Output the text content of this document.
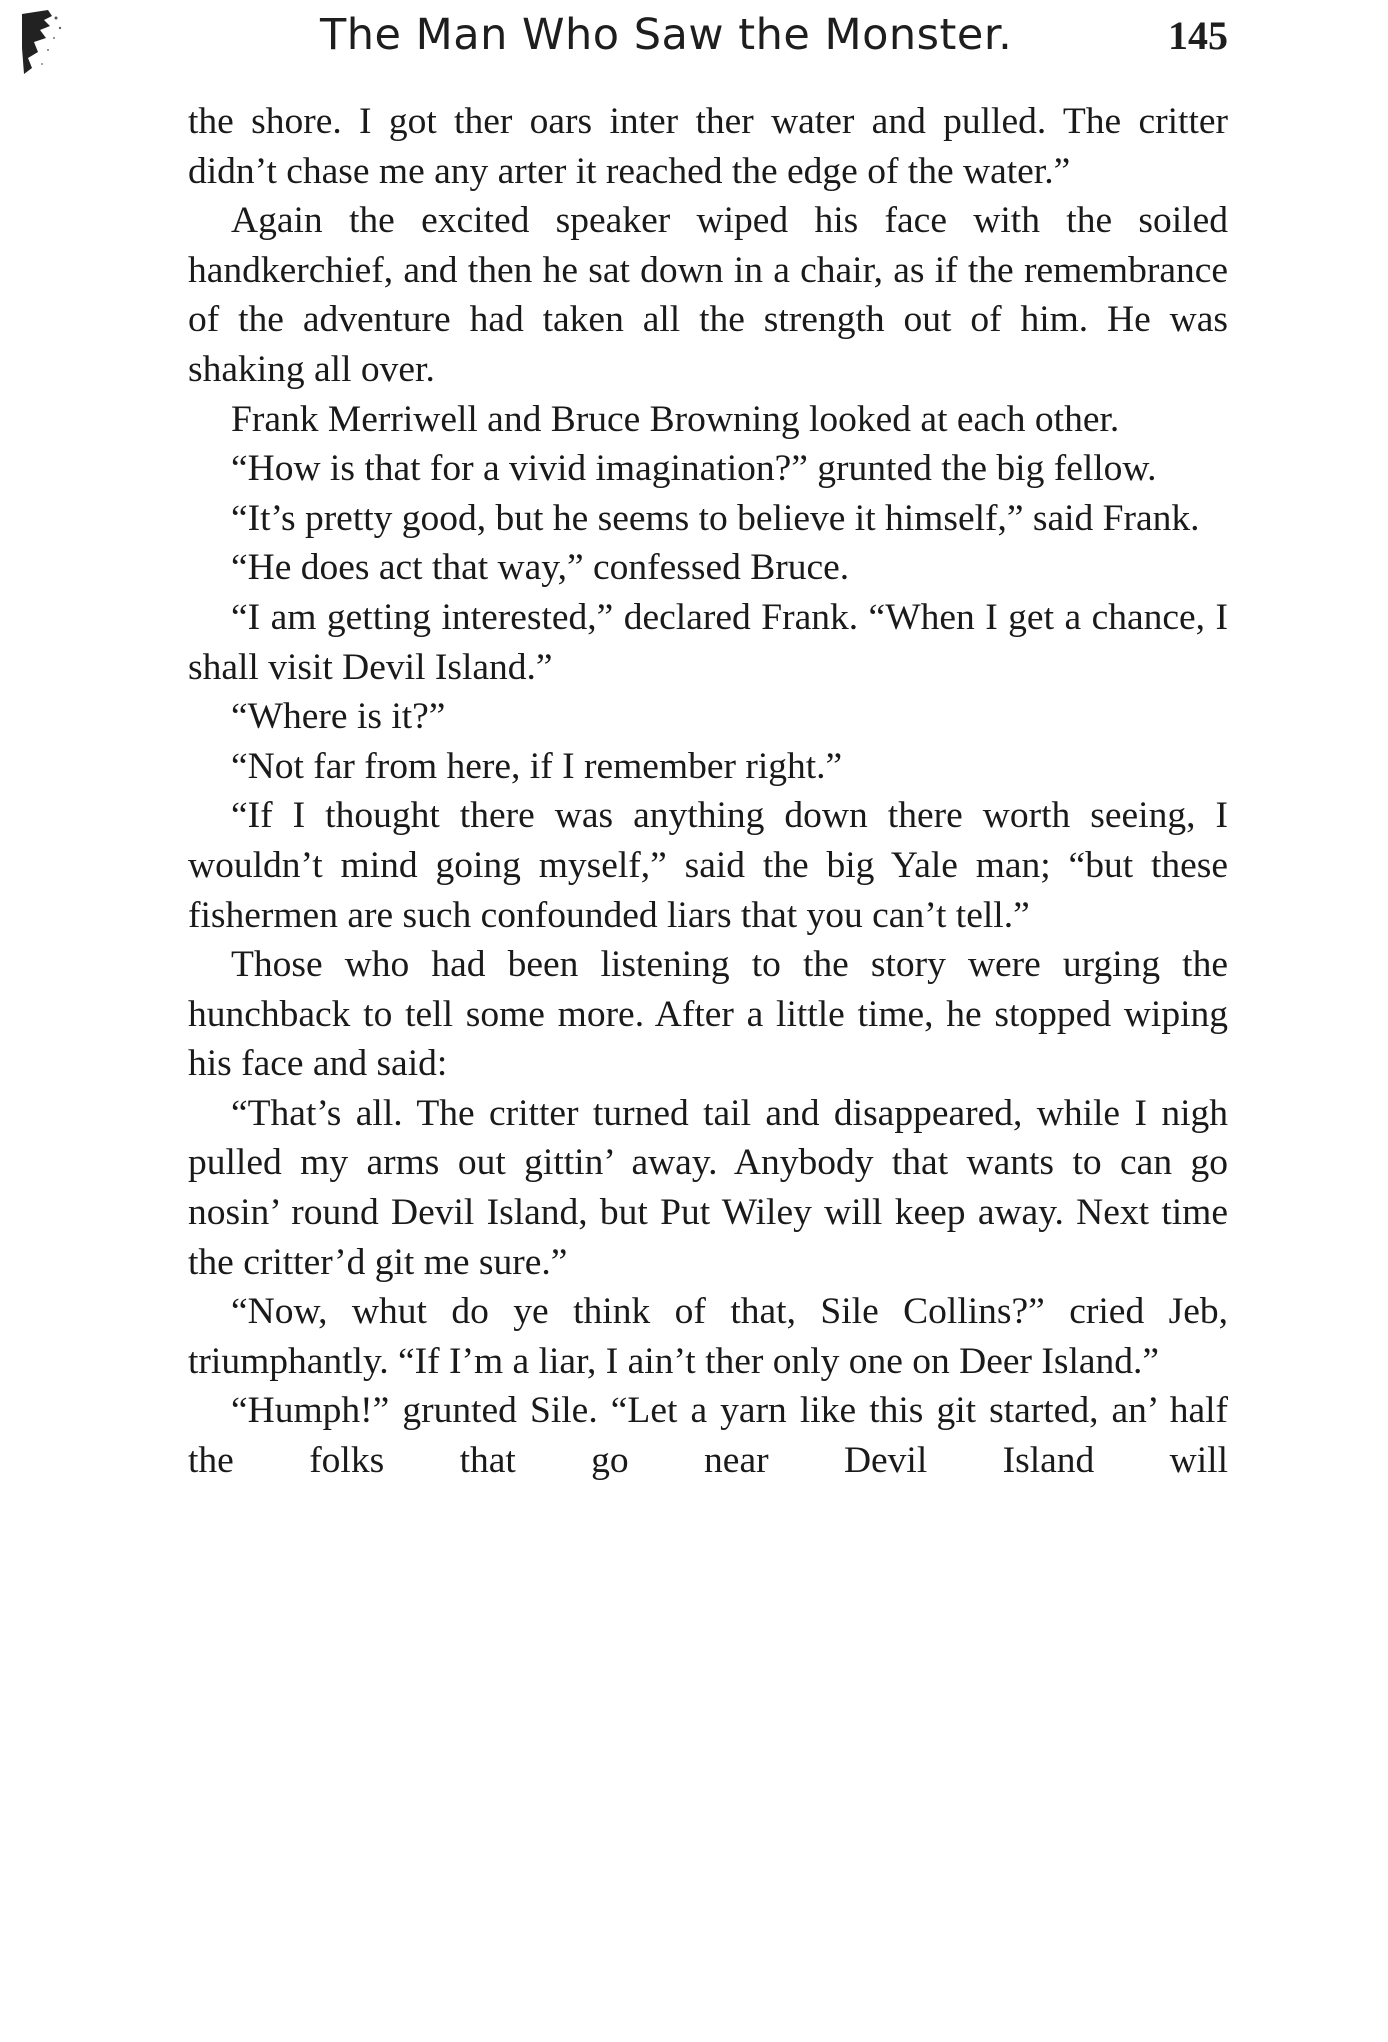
The Man Who Saw the Monster.	145

the shore. I got ther oars inter ther water and pulled. The critter didn’t chase me any arter it reached the edge of the water.”

Again the excited speaker wiped his face with the soiled handkerchief, and then he sat down in a chair, as if the remembrance of the adventure had taken all the strength out of him. He was shaking all over.

Frank Merriwell and Bruce Browning looked at each other.

“How is that for a vivid imagination?” grunted the big fellow.

“It’s pretty good, but he seems to believe it himself,” said Frank.

“He does act that way,” confessed Bruce.

“I am getting interested,” declared Frank. “When I get a chance, I shall visit Devil Island.”

“Where is it?”

“Not far from here, if I remember right.”

“If I thought there was anything down there worth seeing, I wouldn’t mind going myself,” said the big Yale man; “but these fishermen are such confounded liars that you can’t tell.”

Those who had been listening to the story were urging the hunchback to tell some more. After a little time, he stopped wiping his face and said:

“That’s all. The critter turned tail and disappeared, while I nigh pulled my arms out gittin’ away. Anybody that wants to can go nosin’ round Devil Island, but Put Wiley will keep away. Next time the critter’d git me sure.”

“Now, whut do ye think of that, Sile Collins?” cried Jeb, triumphantly. “If I’m a liar, I ain’t ther only one on Deer Island.”

“Humph!” grunted Sile. “Let a yarn like this git started, an’ half the folks that go near Devil Island will
